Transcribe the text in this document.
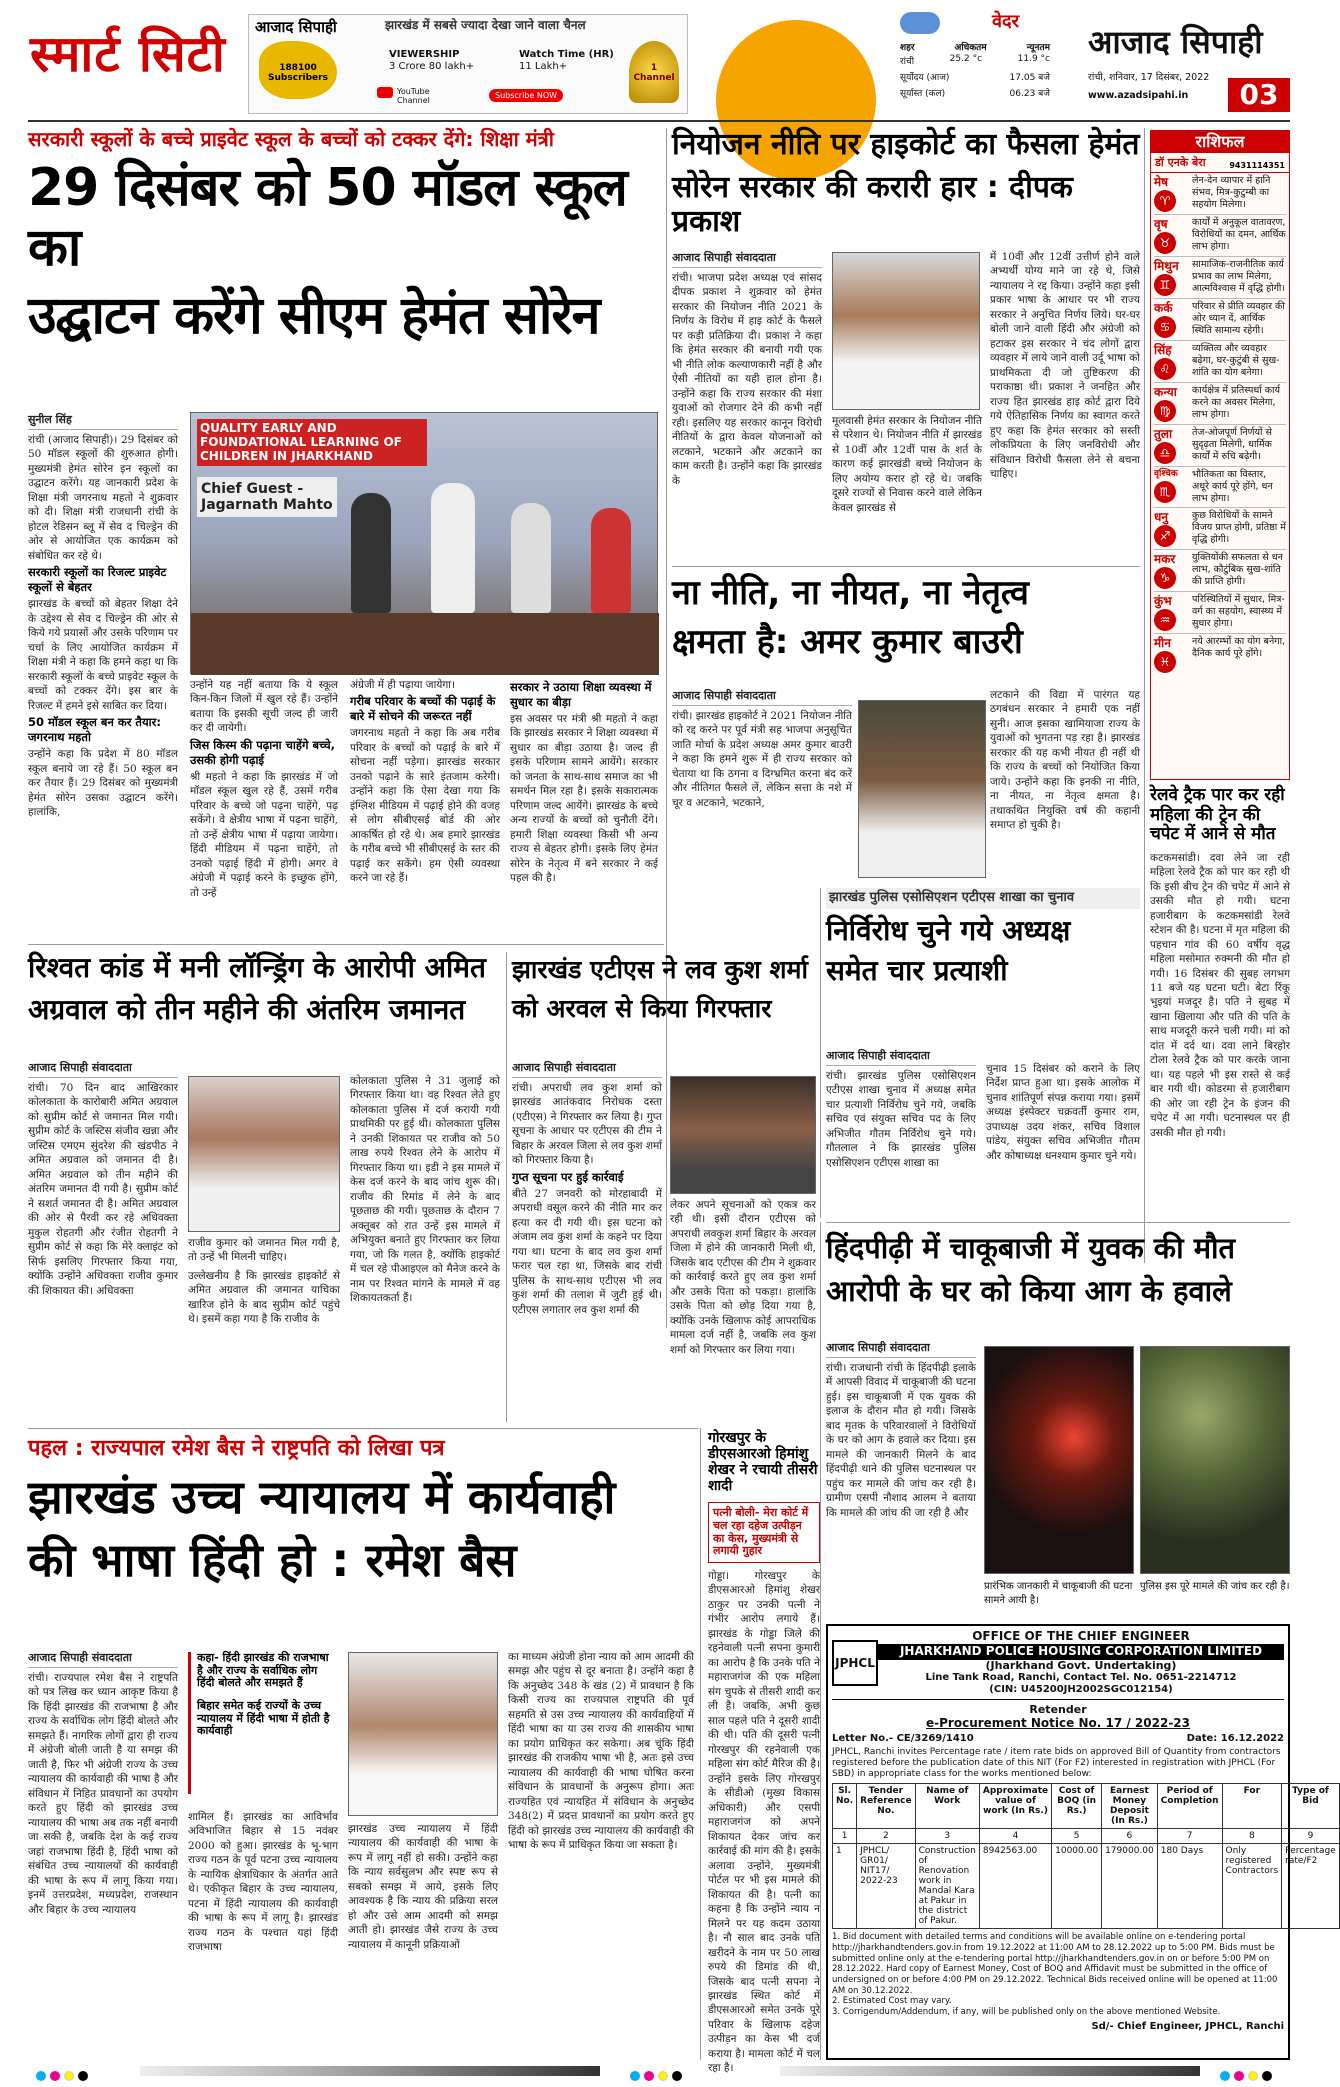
स्मार्ट सिटी आजाद सिपाही
188100 Subscribers
झारखंड में सबसे ज्यादा देखा जाने वाला चैनल
VIEWERSHIP
3 Crore 80 lakh+
Watch Time (HR)
11 Lakh+
YouTube Channel
Subscribe NOW
1 Channel
वेदर
शहर	अधिकतम	न्यूनतम
रांची	25.2 °c	11.9 °c
सूर्योदय (आज)	17.05 बजे
सूर्यास्त (कल)	06.23 बजे
आजाद सिपाही
रांची, शनिवार, 17 दिसंबर, 2022
www.azadsipahi.in	03
सरकारी स्कूलों के बच्चे प्राइवेट स्कूल के बच्चों को टक्कर देंगे: शिक्षा मंत्री
29 दिसंबर को 50 मॉडल स्कूल का
उद्घाटन करेंगे सीएम हेमंत सोरेन
सुनील सिंह
रांची (आजाद सिपाही)। 29 दिसंबर को 50 मॉडल स्कूलों की शुरुआत होगी। मुख्यमंत्री हेमंत सोरेन इन स्कूलों का उद्घाटन करेंगे। यह जानकारी प्रदेश के शिक्षा मंत्री जगरनाथ महतो ने शुक्रवार को दी। शिक्षा मंत्री राजधानी रांची के होटल रेडिसन ब्लू में सेव द चिल्ड्रेन की ओर से आयोजित एक कार्यक्रम को संबोधित कर रहे थे।
सरकारी स्कूलों का रिजल्ट प्राइवेट स्कूलों से बेहतर
झारखंड के बच्चों को बेहतर शिक्षा देने के उद्देश्य से सेव द चिल्ड्रेन की ओर से किये गये प्रयासों और उसके परिणाम पर चर्चा के लिए आयोजित कार्यक्रम में शिक्षा मंत्री ने कहा कि हमने कहा था कि सरकारी स्कूलों के बच्चे प्राइवेट स्कूल के बच्चों को टक्कर देंगे। इस बार के रिजल्ट में हमने इसे साबित कर दिया।
50 मॉडल स्कूल बन कर तैयार: जगरनाथ महतो
उन्होंने कहा कि प्रदेश में 80 मॉडल स्कूल बनाये जा रहे हैं। 50 स्कूल बन कर तैयार हैं। 29 दिसंबर को मुख्यमंत्री हेमंत सोरेन उसका उद्घाटन करेंगे। हालांकि,
QUALITY EARLY AND FOUNDATIONAL LEARNING OF CHILDREN IN JHARKHAND
Chief Guest - Jagarnath Mahto
उन्होंने यह नहीं बताया कि ये स्कूल किन-किन जिलों में खुल रहे हैं। उन्होंने बताया कि इसकी सूची जल्द ही जारी कर दी जायेगी।
जिस किस्म की पढ़ाना चाहेंगे बच्चे, उसकी होगी पढ़ाई
श्री महतो ने कहा कि झारखंड में जो मॉडल स्कूल खुल रहे हैं, उसमें गरीब परिवार के बच्चे जो पढ़ना चाहेंगे, पढ़ सकेंगे। वे क्षेत्रीय भाषा में पढ़ना चाहेंगे, तो उन्हें क्षेत्रीय भाषा में पढ़ाया जायेगा। हिंदी मीडियम में पढ़ना चाहेंगे, तो उनको पढ़ाई हिंदी में होगी। अगर वे अंग्रेजी में पढ़ाई करने के इच्छुक होंगे, तो उन्हें
अंग्रेजी में ही पढ़ाया जायेगा।
गरीब परिवार के बच्चों की पढ़ाई के बारे में सोचने की जरूरत नहीं
जगरनाथ महतो ने कहा कि अब गरीब परिवार के बच्चों को पढ़ाई के बारे में सोचना नहीं पड़ेगा। झारखंड सरकार उनको पढ़ाने के सारे इंतजाम करेगी। उन्होंने कहा कि ऐसा देखा गया कि इंग्लिश मीडियम में पढ़ाई होने की वजह से लोग सीबीएसई बोर्ड की ओर आकर्षित हो रहे थे। अब हमारे झारखंड के गरीब बच्चे भी सीबीएसई के स्तर की पढ़ाई कर सकेंगे। हम ऐसी व्यवस्था करने जा रहे हैं।
सरकार ने उठाया शिक्षा व्यवस्था में सुधार का बीड़ा
इस अवसर पर मंत्री श्री महतो ने कहा कि झारखंड सरकार ने शिक्षा व्यवस्था में सुधार का बीड़ा उठाया है। जल्द ही इसके परिणाम सामने आयेंगे। सरकार को जनता के साथ-साथ समाज का भी समर्थन मिल रहा है। इसके सकारात्मक परिणाम जल्द आयेंगे। झारखंड के बच्चे अन्य राज्यों के बच्चों को चुनौती देंगे। हमारी शिक्षा व्यवस्था किसी भी अन्य राज्य से बेहतर होगी। इसके लिए हेमंत सोरेन के नेतृत्व में बने सरकार ने कई पहल की है।
नियोजन नीति पर हाइकोर्ट का फैसला हेमंत
सोरेन सरकार की करारी हार : दीपक प्रकाश
आजाद सिपाही संवाददाता
रांची। भाजपा प्रदेश अध्यक्ष एवं सांसद दीपक प्रकाश ने शुक्रवार को हेमंत सरकार की नियोजन नीति 2021 के निर्णय के विरोध में हाइ कोर्ट के फैसले पर कड़ी प्रतिक्रिया दी। प्रकाश ने कहा कि हेमंत सरकार की बनायी गयी एक भी नीति लोक कल्याणकारी नहीं है और ऐसी नीतियों का यही हाल होना है। उन्होंने कहा कि राज्य सरकार की मंशा युवाओं को रोजगार देने की कभी नहीं रही। इसलिए यह सरकार कानून विरोधी नीतियों के द्वारा केवल योजनाओं को लटकाने, भटकाने और अटकाने का काम करती है। उन्होंने कहा कि झारखंड के
मूलवासी हेमंत सरकार के नियोजन नीति से परेशान थे। नियोजन नीति में झारखंड से 10वीं और 12वीं पास के शर्त के कारण कई झारखंडी बच्चे नियोजन के लिए अयोग्य करार हो रहे थे। जबकि दूसरे राज्यों से निवास करने वाले लेकिन केवल झारखंड से
में 10वीं और 12वीं उत्तीर्ण होने वाले अभ्यर्थी योग्य माने जा रहे थे, जिसे न्यायालय ने रद्द किया। उन्होंने कहा इसी प्रकार भाषा के आधार पर भी राज्य सरकार ने अनुचित निर्णय लिये। घर-घर बोली जाने वाली हिंदी और अंग्रेजी को हटाकर इस सरकार ने चंद लोगों द्वारा व्यवहार में लाये जाने वाली उर्दू भाषा को प्राथमिकता दी जो तुष्टिकरण की पराकाष्ठा थी। प्रकाश ने जनहित और राज्य हित झारखंड हाइ कोर्ट द्वारा दिये गये ऐतिहासिक निर्णय का स्वागत करते हुए कहा कि हेमंत सरकार को सस्ती लोकप्रियता के लिए जनविरोधी और संविधान विरोधी फैसला लेने से बचना चाहिए।
ना नीति, ना नीयत, ना नेतृत्व
क्षमता है: अमर कुमार बाउरी
आजाद सिपाही संवाददाता
रांची। झारखंड हाइकोर्ट ने 2021 नियोजन नीति को रद्द करने पर पूर्व मंत्री सह भाजपा अनुसूचित जाति मोर्चा के प्रदेश अध्यक्ष अमर कुमार बाउरी ने कहा कि हमने शुरू में ही राज्य सरकार को चेताया था कि ठगना व दिग्भ्रमित करना बंद करें और नीतिगत फैसले लें, लेकिन सत्ता के नशे में चूर व अटकाने, भटकाने,
लटकाने की विद्या में पारंगत यह ठगबंधन सरकार ने हमारी एक नहीं सुनी। आज इसका खामियाजा राज्य के युवाओं को भुगतना पड़ रहा है। झारखंड सरकार की यह कभी नीयत ही नहीं थी कि राज्य के बच्चों को नियोजित किया जाये। उन्होंने कहा कि इनकी ना नीति, ना नीयत, ना नेतृत्व क्षमता है। तथाकथित नियुक्ति वर्ष की कहानी समाप्त हो चुकी है।
राशिफल
डॉ एनके बेरा	9431114351
मेष
♈
लेन-देन व्यापार में हानि संभव, मित्र-कुटुम्बी का सहयोग मिलेगा।
वृष
♉
कार्यों में अनुकूल वातावरण, विरोधियों का दमन, आर्थिक लाभ होगा।
मिथुन
♊
सामाजिक-राजनीतिक कार्य प्रभाव का लाभ मिलेगा, आत्मविश्वास में वृद्धि होगी।
कर्क
♋
परिवार से प्रीति व्यवहार की ओर ध्यान दें, आर्थिक स्थिति सामान्य रहेगी।
सिंह
♌
व्यक्तित्व और व्यवहार बढ़ेगा, घर-कुटुंबी से सुख-शांति का योग बनेगा।
कन्या
♍
कार्यक्षेत्र में प्रतिस्पर्धा कार्य करने का अवसर मिलेगा, लाभ होगा।
तुला
♎
तेज-ओजपूर्ण निर्णयों से सुदृढ़ता मिलेगी, धार्मिक कार्यों में रुचि बढ़ेगी।
वृश्चिक
♏
भौतिकता का विस्तार, अधूरे कार्य पूरे होंगे, धन लाभ होगा।
धनु
♐
कुछ विरोधियों के सामने विजय प्राप्त होगी, प्रतिष्ठा में वृद्धि होगी।
मकर
♑
युक्तियोंकी सफलता से धन लाभ, कौटुंबिक सुख-शांति की प्राप्ति होगी।
कुंभ
♒
परिस्थितियों में सुधार, मित्र-वर्ग का सहयोग, स्वास्थ्य में सुधार होगा।
मीन
♓
नये आरम्भों का योग बनेगा, दैनिक कार्य पूरे होंगे।
रेलवे ट्रैक पार कर रही महिला की ट्रेन की चपेट में आने से मौत
कटकमसांडी। दवा लेने जा रही महिला रेलवे ट्रैक को पार कर रही थी कि इसी बीच ट्रेन की चपेट में आने से उसकी मौत हो गयी। घटना हजारीबाग के कटकमसांडी रेलवे स्टेशन की है। घटना में मृत महिला की पहचान गांव की 60 वर्षीय वृद्ध महिला मसोमात रुक्मनी की मौत हो गयी। 16 दिसंबर की सुबह लगभग 11 बजे यह घटना घटी। बेटा रिंकू भुइयां मजदूर है। पति ने सुबह में खाना खिलाया और पति की पति के साथ मजदूरी करने चली गयी। मां को दांत में दर्द था। दवा लाने बिरहोर टोला रेलवे ट्रैक को पार करके जाना था। यह पहले भी इस रास्ते से कई बार गयी थी। कोडरमा से हजारीबाग की ओर जा रही ट्रेन के इंजन की चपेट में आ गयी। घटनास्थल पर ही उसकी मौत हो गयी।
झारखंड पुलिस एसोसिएशन एटीएस शाखा का चुनाव
निर्विरोध चुने गये अध्यक्ष
समेत चार प्रत्याशी
आजाद सिपाही संवाददाता
रांची। झारखंड पुलिस एसोसिएशन एटीएस शाखा चुनाव में अध्यक्ष समेत चार प्रत्याशी निर्विरोध चुने गये, जबकि सचिव एवं संयुक्त सचिव पद के लिए अभिजीत गौतम निर्विरोध चुने गये। गौतलाल ने कि झारखंड पुलिस एसोसिएशन एटीएस शाखा का
चुनाव 15 दिसंबर को कराने के लिए निर्देश प्राप्त हुआ था। इसके आलोक में चुनाव शांतिपूर्ण संपन्न कराया गया। इसमें अध्यक्ष इंस्पेक्टर चक्रवर्ती कुमार राम, उपाध्यक्ष उदय शंकर, सचिव विशाल पांडेय, संयुक्त सचिव अभिजीत गौतम और कोषाध्यक्ष धनश्याम कुमार चुने गये।
रिश्वत कांड में मनी लॉन्ड्रिंग के आरोपी अमित
अग्रवाल को तीन महीने की अंतरिम जमानत
आजाद सिपाही संवाददाता
रांची। 70 दिन बाद आखिरकार कोलकाता के कारोबारी अमित अग्रवाल को सुप्रीम कोर्ट से जमानत मिल गयी। सुप्रीम कोर्ट के जस्टिस संजीव खन्ना और जस्टिस एमएम सुंदरेश की खंडपीठ ने अमित अग्रवाल को जमानत दी है। अमित अग्रवाल को तीन महीने की अंतरिम जमानत दी गयी है। सुप्रीम कोर्ट ने सशर्त जमानत दी है। अमित अग्रवाल की ओर से पैरवी कर रहे अधिवक्ता मुकुल रोहतगी और रंजीत रोहतगी ने सुप्रीम कोर्ट से कहा कि मेरे क्लाइंट को सिर्फ इसलिए गिरफ्तार किया गया, क्योंकि उन्होंने अधिवक्ता राजीव कुमार की शिकायत की। अधिवक्ता
राजीव कुमार को जमानत मिल गयी है, तो उन्हें भी मिलनी चाहिए।
उल्लेखनीय है कि झारखंड हाइकोर्ट से अमित अग्रवाल की जमानत याचिका खारिज होने के बाद सुप्रीम कोर्ट पहुंचे थे। इसमें कहा गया है कि राजीव के
कोलकाता पुलिस ने 31 जुलाई को गिरफ्तार किया था। वह रिश्वत लेते हुए कोलकाता पुलिस में दर्ज करायी गयी प्राथमिकी पर हुई थी। कोलकाता पुलिस ने उनकी शिकायत पर राजीव को 50 लाख रुपये रिश्वत लेने के आरोप में गिरफ्तार किया था। इडी ने इस मामले में केस दर्ज करने के बाद जांच शुरू की। राजीव की रिमांड में लेने के बाद पूछताछ की गयी। पूछताछ के दौरान 7 अक्तूबर को रात उन्हें इस मामले में अभियुक्त बनाते हुए गिरफ्तार कर लिया गया, जो कि गलत है, क्योंकि हाइकोर्ट में चल रहे पीआइएल को मैनेज करने के नाम पर रिश्वत मांगने के मामले में वह शिकायतकर्ता हैं।
झारखंड एटीएस ने लव कुश शर्मा
को अरवल से किया गिरफ्तार
आजाद सिपाही संवाददाता
रांची। अपराधी लव कुश शर्मा को झारखंड आतंकवाद निरोधक दस्ता (एटीएस) ने गिरफ्तार कर लिया है। गुप्त सूचना के आधार पर एटीएस की टीम ने बिहार के अरवल जिला से लव कुश शर्मा को गिरफ्तार किया है।
गुप्त सूचना पर हुई कार्रवाई
बीते 27 जनवरी को मोरहाबादी में अपराधी वसूल करने की नीति मार कर हत्या कर दी गयी थी। इस घटना को अंजाम लव कुश शर्मा के कहने पर दिया गया था। घटना के बाद लव कुश शर्मा फरार चल रहा था, जिसके बाद रांची पुलिस के साथ-साथ एटीएस भी लव कुश शर्मा की तलाश में जुटी हुई थी। एटीएस लगातार लव कुश शर्मा की
लेकर अपने सूचनाओं को एकत्र कर रही थी। इसी दौरान एटीएस को अपराधी लवकुश शर्मा बिहार के अरवल जिला में होने की जानकारी मिली थी, जिसके बाद एटीएस की टीम ने शुक्रवार को कार्रवाई करते हुए लव कुश शर्मा और उसके पिता को पकड़ा। हालांकि उसके पिता को छोड़ दिया गया है, क्योंकि उनके खिलाफ कोई आपराधिक मामला दर्ज नहीं है, जबकि लव कुश शर्मा को गिरफ्तार कर लिया गया।
हिंदपीढ़ी में चाकूबाजी में युवक की मौत
आरोपी के घर को किया आग के हवाले
आजाद सिपाही संवाददाता
रांची। राजधानी रांची के हिंदपीढ़ी इलाके में आपसी विवाद में चाकूबाजी की घटना हुई। इस चाकूबाजी में एक युवक की इलाज के दौरान मौत हो गयी। जिसके बाद मृतक के परिवारवालों ने विरोधियों के घर को आग के हवाले कर दिया। इस मामले की जानकारी मिलने के बाद हिंदपीढ़ी थाने की पुलिस घटनास्थल पर पहुंच कर मामले की जांच कर रही है। ग्रामीण एसपी नौशाद आलम ने बताया कि मामले की जांच की जा रही है और
प्रारंभिक जानकारी में चाकूबाजी की घटना सामने आयी है।
पुलिस इस पूरे मामले की जांच कर रही है।
गोरखपुर के डीएसआरओ हिमांशु शेखर ने रचायी तीसरी शादी
पत्नी बोली- मेरा कोर्ट में चल रहा दहेज उत्पीड़न का केस, मुख्यमंत्री से लगायी गुहार
गोड्डा। गोरखपुर के डीएसआरओ हिमांशु शेखर ठाकुर पर उनकी पत्नी ने गंभीर आरोप लगाये हैं। झारखंड के गोड्डा जिले की रहनेवाली पत्नी सपना कुमारी का आरोप है कि उनके पति ने महाराजगंज की एक महिला संग चुपके से तीसरी शादी कर ली है। जबकि, अभी कुछ साल पहले पति ने दूसरी शादी की थी। पति की दूसरी पत्नी गोरखपुर की रहनेवाली एक महिला संग कोर्ट मैरिज की है। उन्होंने इसके लिए गोरखपुर के सीडीओ (मुख्य विकास अधिकारी) और एसपी महाराजगंज को अपने शिकायत देकर जांच कर कार्रवाई की मांग की है। इसके अलावा उन्होंने, मुख्यमंत्री पोर्टल पर भी इस मामले की शिकायत की है। पत्नी का कहना है कि उन्होंने न्याय न मिलने पर यह कदम उठाया है। नौ साल बाद उनके पति खरीदने के नाम पर 50 लाख रुपये की डिमांड की थी, जिसके बाद पत्नी सपना ने झारखंड स्थित कोर्ट में डीएसआरओ समेत उनके पूरे परिवार के खिलाफ दहेज उत्पीड़न का केस भी दर्ज कराया है। मामला कोर्ट में चल रहा है।
पहल : राज्यपाल रमेश बैस ने राष्ट्रपति को लिखा पत्र
झारखंड उच्च न्यायालय में कार्यवाही
की भाषा हिंदी हो : रमेश बैस
आजाद सिपाही संवाददाता
रांची। राज्यपाल रमेश बैस ने राष्ट्रपति को पत्र लिख कर ध्यान आकृष्ट किया है कि हिंदी झारखंड की राजभाषा है और राज्य के सर्वाधिक लोग हिंदी बोलते और समझते हैं। नागरिक लोगों द्वारा ही राज्य में अंग्रेजी बोली जाती है या समझ की जाती है, फिर भी अंग्रेजी राज्य के उच्च न्यायालय की कार्यवाही की भाषा है और संविधान में निहित प्रावधानों का उपयोग करते हुए हिंदी को झारखंड उच्च न्यायालय की भाषा अब तक नहीं बनायी जा सकी है, जबकि देश के कई राज्य जहां राजभाषा हिंदी है, हिंदी भाषा को संबंधित उच्च न्यायालयों की कार्यवाही की भाषा के रूप में लागू किया गया। इनमें उत्तरप्रदेश, मध्यप्रदेश, राजस्थान और बिहार के उच्च न्यायालय
कहा- हिंदी झारखंड की राजभाषा है और राज्य के सर्वाधिक लोग हिंदी बोलते और समझते हैं
बिहार समेत कई राज्यों के उच्च न्यायालय में हिंदी भाषा में होती है कार्यवाही
शामिल हैं। झारखंड का आविर्भाव अविभाजित बिहार से 15 नवंबर 2000 को हुआ। झारखंड के भू-भाग राज्य गठन के पूर्व पटना उच्च न्यायालय के न्यायिक क्षेत्राधिकार के अंतर्गत आते थे। एकीकृत बिहार के उच्च न्यायालय, पटना में हिंदी न्यायालय की कार्यवाही की भाषा के रूप में लागू है। झारखंड राज्य गठन के पश्चात यहां हिंदी राजभाषा
झारखंड उच्च न्यायालय में हिंदी न्यायालय की कार्यवाही की भाषा के रूप में लागू नहीं हो सकी। उन्होंने कहा कि न्याय सर्वसुलभ और स्पष्ट रूप से सबको समझ में आये, इसके लिए आवश्यक है कि न्याय की प्रक्रिया सरल हो और उसे आम आदमी को समझ आती हो। झारखंड जैसे राज्य के उच्च न्यायालय में कानूनी प्रक्रियाओं
का माध्यम अंग्रेजी होना न्याय को आम आदमी की समझ और पहुंच से दूर बनाता है। उन्होंने कहा है कि अनुच्छेद 348 के खंड (2) में प्रावधान है कि किसी राज्य का राज्यपाल राष्ट्रपति की पूर्व सहमति से उस उच्च न्यायालय की कार्यवाहियों में हिंदी भाषा का या उस राज्य की शासकीय भाषा का प्रयोग प्राधिकृत कर सकेगा। अब चूंकि हिंदी झारखंड की राजकीय भाषा भी है, अतः इसे उच्च न्यायालय की कार्यवाही की भाषा घोषित करना संविधान के प्रावधानों के अनुरूप होगा। अतः राज्यहित एवं न्यायहित में संविधान के अनुच्छेद 348(2) में प्रदत्त प्रावधानों का प्रयोग करते हुए हिंदी को झारखंड उच्च न्यायालय की कार्यवाही की भाषा के रूप में प्राधिकृत किया जा सकता है।
JPHCL
OFFICE OF THE CHIEF ENGINEER
JHARKHAND POLICE HOUSING CORPORATION LIMITED
(Jharkhand Govt. Undertaking)
Line Tank Road, Ranchi, Contact Tel. No. 0651-2214712
(CIN: U45200JH2002SGC012154)
Retender
e-Procurement Notice No. 17 / 2022-23
Letter No.- CE/3269/1410	Date: 16.12.2022
JPHCL, Ranchi invites Percentage rate / item rate bids on approved Bill of Quantity from contractors registered before the publication date of this NIT (For F2) interested in registration with JPHCL (For SBD) in appropriate class for the works mentioned below:
Sl. No.	Tender Reference No.	Name of Work	Approximate value of work (In Rs.)	Cost of BOQ (in Rs.)	Earnest Money Deposit (In Rs.)	Period of Completion	For	Type of Bid
1	2	3	4	5	6	7	8	9
1	JPHCL/ GR01/ NIT17/ 2022-23	Construction of Renovation work in Mandal Kara at Pakur in the district of Pakur.	8942563.00	10000.00	179000.00	180 Days	Only registered Contractors	Percentage rate/F2
1. Bid document with detailed terms and conditions will be available online on e-tendering portal http://jharkhandtenders.gov.in from 19.12.2022 at 11:00 AM to 28.12.2022 up to 5:00 PM. Bids must be submitted online only at the e-tendering portal http://jharkhandtenders.gov.in on or before 5:00 PM on 28.12.2022. Hard copy of Earnest Money, Cost of BOQ and Affidavit must be submitted in the office of undersigned on or before 4:00 PM on 29.12.2022. Technical Bids received online will be opened at 11:00 AM on 30.12.2022.
2. Estimated Cost may vary.
3. Corrigendum/Addendum, if any, will be published only on the above mentioned Website.
Sd/- Chief Engineer, JPHCL, Ranchi
